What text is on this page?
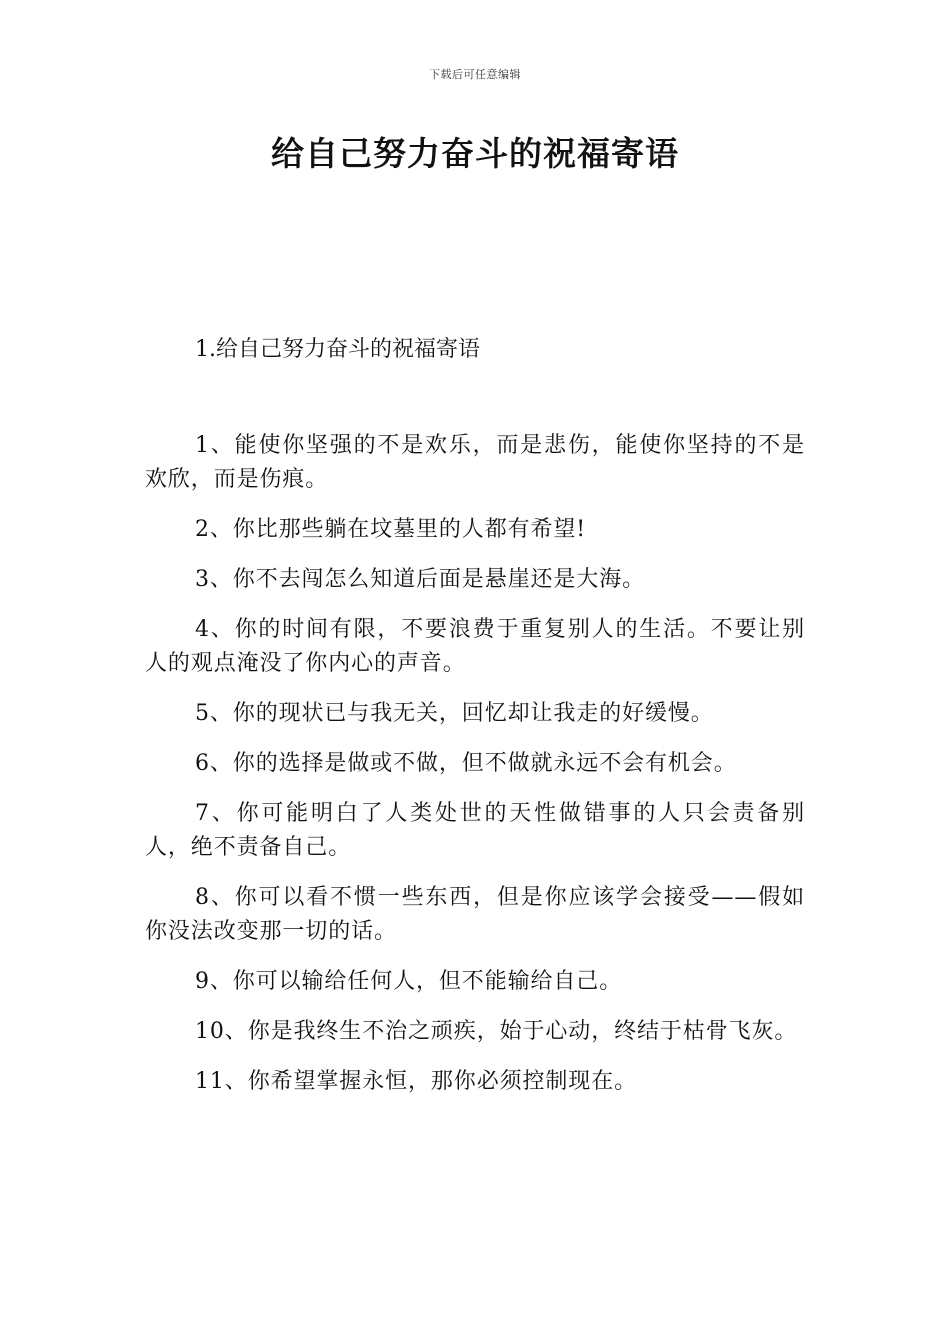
下载后可任意编辑
给自己努力奋斗的祝福寄语
1.给自己努力奋斗的祝福寄语

1、能使你坚强的不是欢乐，而是悲伤，能使你坚持的不是欢欣，而是伤痕。

2、你比那些躺在坟墓里的人都有希望!

3、你不去闯怎么知道后面是悬崖还是大海。

4、你的时间有限，不要浪费于重复别人的生活。不要让别人的观点淹没了你内心的声音。

5、你的现状已与我无关，回忆却让我走的好缓慢。

6、你的选择是做或不做，但不做就永远不会有机会。

7、你可能明白了人类处世的天性做错事的人只会责备别人，绝不责备自己。

8、你可以看不惯一些东西，但是你应该学会接受——假如你没法改变那一切的话。

9、你可以输给任何人，但不能输给自己。

10、你是我终生不治之顽疾，始于心动，终结于枯骨飞灰。

11、你希望掌握永恒，那你必须控制现在。
